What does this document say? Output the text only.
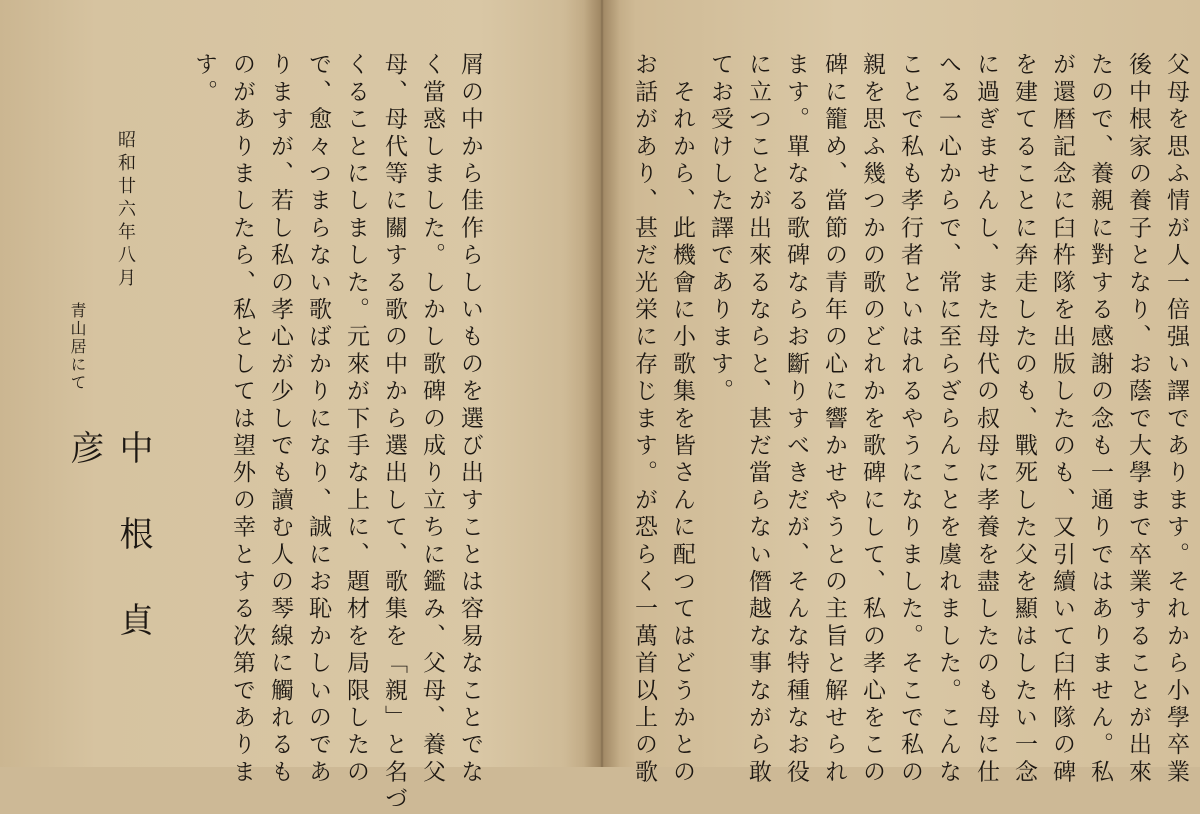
父母を思ふ情が人一倍强い譯であります。それから小學卒業
後中根家の養子となり、お蔭で大學まで卒業することが出來
たので、養親に對する感謝の念も一通りではありません。私
が還暦記念に臼杵隊を出版したのも、又引續いて臼杵隊の碑
を建てることに奔走したのも、戰死した父を顯はしたい一念
に過ぎませんし、また母代の叔母に孝養を盡したのも母に仕
へる一心からで、常に至らざらんことを虞れました。こんな
ことで私も孝行者といはれるやうになりました。そこで私の
親を思ふ幾つかの歌のどれかを歌碑にして、私の孝心をこの
碑に籠め、當節の青年の心に響かせやうとの主旨と解せられ
ます。單なる歌碑ならお斷りすべきだが、そんな特種なお役
に立つことが出來るならと、甚だ當らない僭越な事ながら敢
てお受けした譯であります。
　それから、此機會に小歌集を皆さんに配つてはどうかとの
お話があり、甚だ光栄に存じます。が恐らく一萬首以上の歌
屑の中から佳作らしいものを選び出すことは容易なことでな
く當惑しました。しかし歌碑の成り立ちに鑑み、父母、養父
母、母代等に關する歌の中から選出して、歌集を「親」と名づ
くることにしました。元來が下手な上に、題材を局限したの
で、愈々つまらない歌ばかりになり、誠にお恥かしいのであ
りますが、若し私の孝心が少しでも讀む人の琴線に觸れるも
のがありましたら、私としては望外の幸とする次第でありま
す。
昭和廿六年八月
青山居にて
中根貞彦
